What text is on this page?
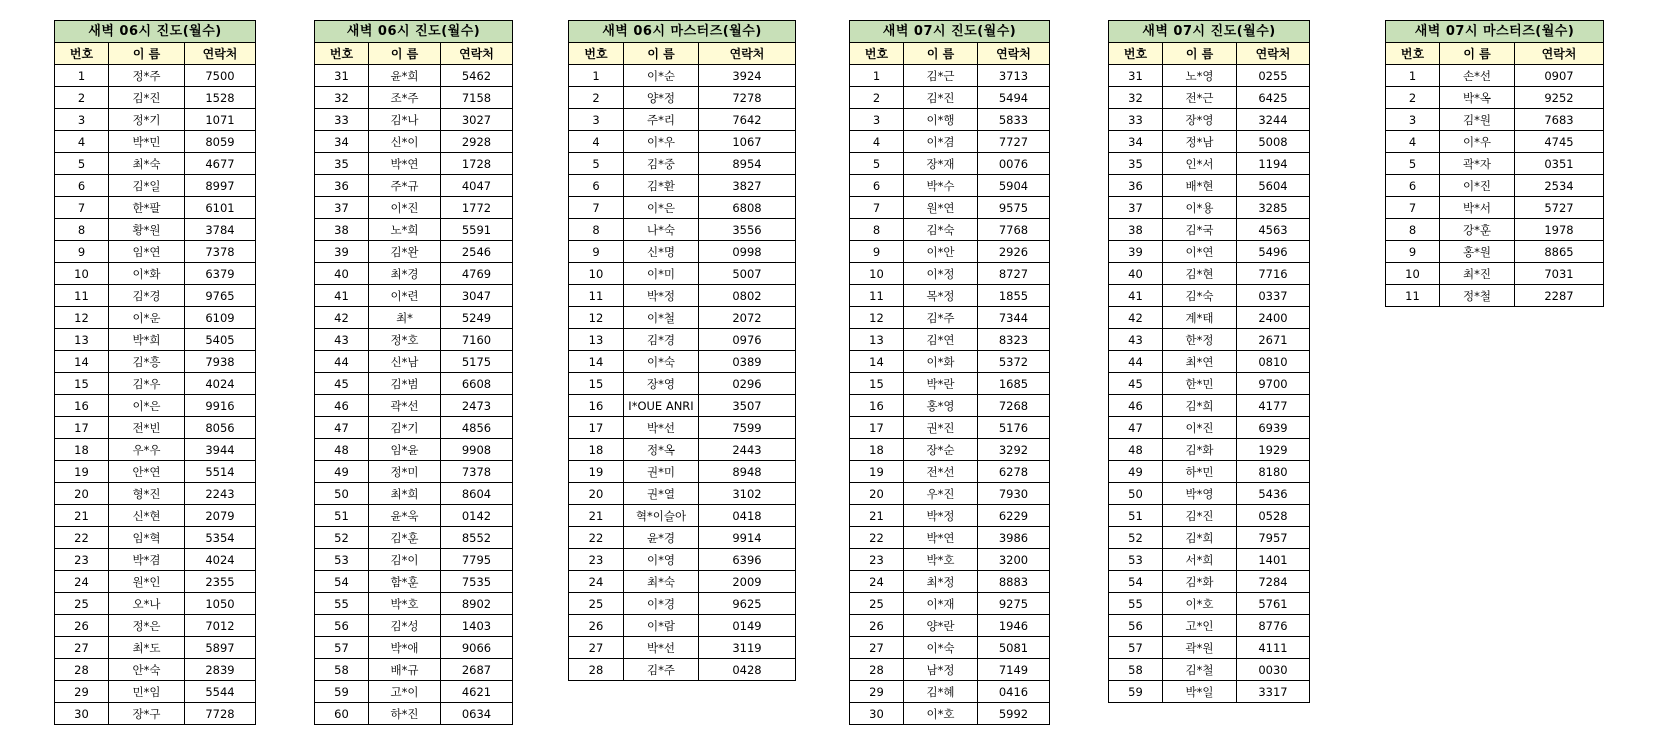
새벽 06시 진도(월수)		
번호	이 름	연락처
1	정*주	7500
2	김*진	1528
3	정*기	1071
4	박*민	8059
5	최*숙	4677
6	김*일	8997
7	한*팔	6101
8	황*원	3784
9	임*연	7378
10	이*화	6379
11	김*경	9765
12	이*운	6109
13	박*희	5405
14	김*흥	7938
15	김*우	4024
16	이*은	9916
17	전*빈	8056
18	우*우	3944
19	안*연	5514
20	형*진	2243
21	신*현	2079
22	임*혁	5354
23	박*겸	4024
24	원*인	2355
25	오*나	1050
26	정*은	7012
27	최*도	5897
28	안*숙	2839
29	민*임	5544
30	장*구	7728
새벽 06시 진도(월수)		
번호	이 름	연락처
31	윤*희	5462
32	조*주	7158
33	김*나	3027
34	신*이	2928
35	박*연	1728
36	주*규	4047
37	이*진	1772
38	노*희	5591
39	김*완	2546
40	최*경	4769
41	이*련	3047
42	최*	5249
43	정*호	7160
44	신*남	5175
45	김*범	6608
46	곽*선	2473
47	김*기	4856
48	임*윤	9908
49	정*미	7378
50	최*희	8604
51	윤*욱	0142
52	김*훈	8552
53	김*이	7795
54	함*훈	7535
55	박*호	8902
56	김*성	1403
57	박*애	9066
58	배*규	2687
59	고*이	4621
60	하*진	0634
새벽 06시 마스터즈(월수)		
번호	이 름	연락처
1	이*순	3924
2	양*정	7278
3	주*리	7642
4	이*우	1067
5	김*중	8954
6	김*환	3827
7	이*은	6808
8	나*숙	3556
9	신*명	0998
10	이*미	5007
11	박*정	0802
12	이*철	2072
13	김*경	0976
14	이*숙	0389
15	장*영	0296
16	I*OUE ANRI	3507
17	박*선	7599
18	정*옥	2443
19	권*미	8948
20	권*열	3102
21	혁*이슬아	0418
22	윤*경	9914
23	이*영	6396
24	최*숙	2009
25	이*경	9625
26	이*람	0149
27	박*선	3119
28	김*주	0428
새벽 07시 진도(월수)		
번호	이 름	연락처
1	김*근	3713
2	김*진	5494
3	이*행	5833
4	이*겸	7727
5	장*재	0076
6	박*수	5904
7	원*연	9575
8	김*숙	7768
9	이*안	2926
10	이*정	8727
11	목*정	1855
12	김*주	7344
13	김*연	8323
14	이*화	5372
15	박*란	1685
16	홍*영	7268
17	권*진	5176
18	장*순	3292
19	전*선	6278
20	우*진	7930
21	박*정	6229
22	박*연	3986
23	박*호	3200
24	최*정	8883
25	이*재	9275
26	양*란	1946
27	이*숙	5081
28	남*정	7149
29	김*혜	0416
30	이*호	5992
새벽 07시 진도(월수)		
번호	이 름	연락처
31	노*영	0255
32	전*근	6425
33	장*영	3244
34	정*남	5008
35	인*서	1194
36	배*현	5604
37	이*용	3285
38	김*국	4563
39	이*연	5496
40	김*현	7716
41	김*숙	0337
42	계*태	2400
43	한*정	2671
44	최*연	0810
45	한*민	9700
46	김*희	4177
47	이*진	6939
48	김*화	1929
49	하*민	8180
50	박*영	5436
51	김*진	0528
52	김*희	7957
53	서*희	1401
54	김*화	7284
55	이*호	5761
56	고*인	8776
57	곽*원	4111
58	김*철	0030
59	박*일	3317
새벽 07시 마스터즈(월수)		
번호	이 름	연락처
1	손*선	0907
2	박*옥	9252
3	김*원	7683
4	이*우	4745
5	곽*자	0351
6	이*진	2534
7	박*서	5727
8	강*훈	1978
9	홍*원	8865
10	최*진	7031
11	정*철	2287
